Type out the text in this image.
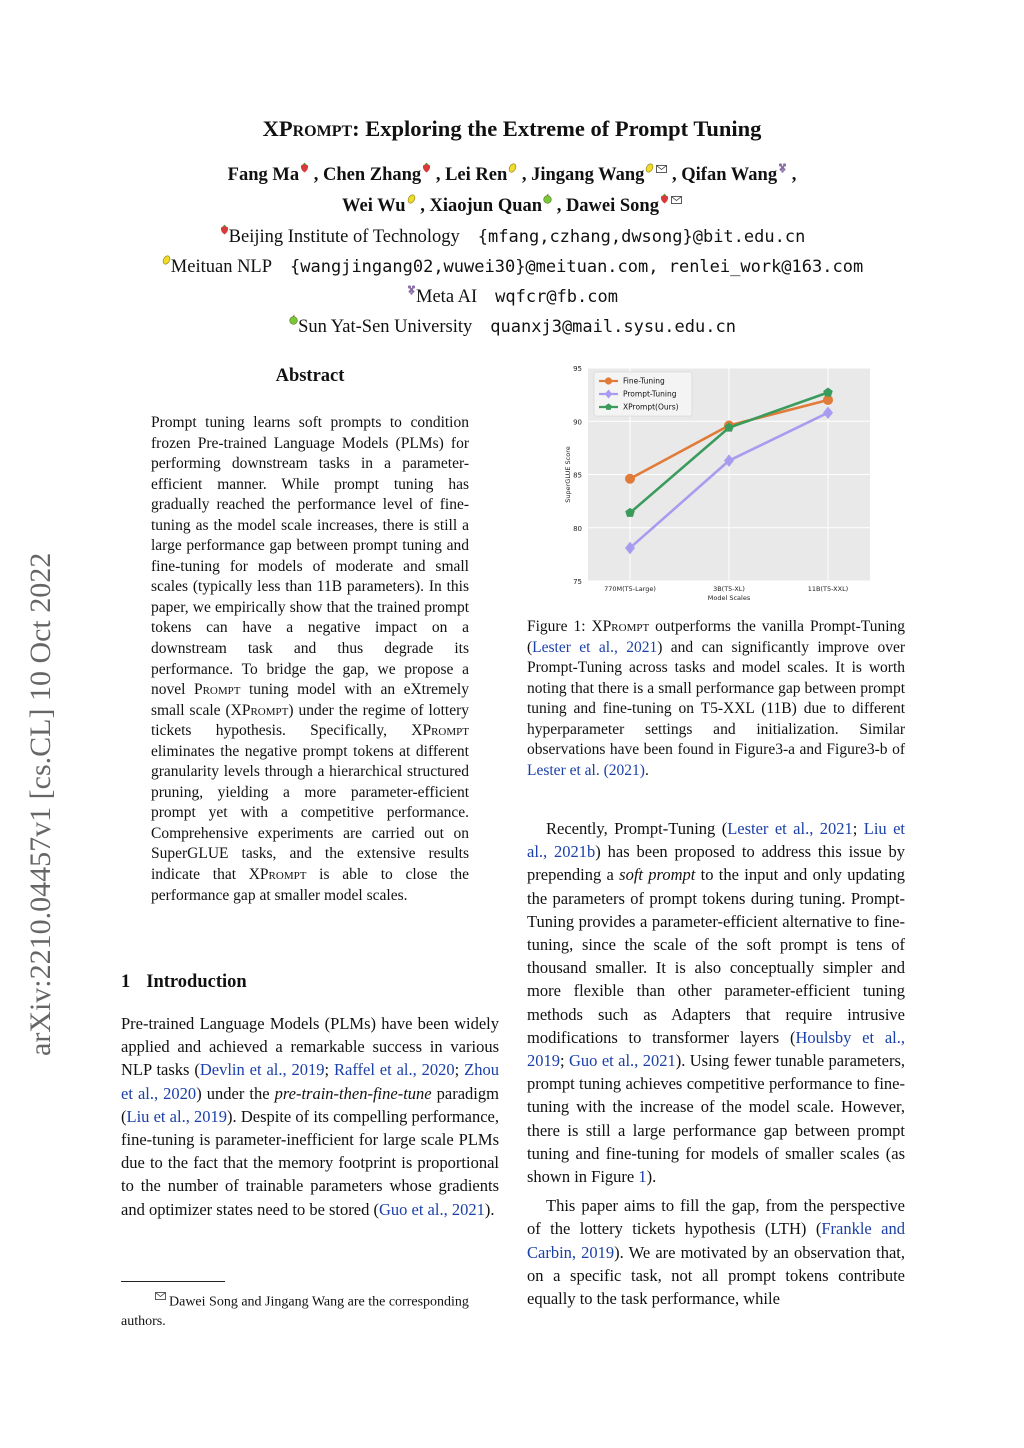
arXiv:2210.04457v1 [cs.CL] 10 Oct 2022
XPrompt: Exploring the Extreme of Prompt Tuning
Fang Ma , Chen Zhang , Lei Ren , Jingang Wang , Qifan Wang ,
Wei Wu , Xiaojun Quan , Dawei Song
Beijing Institute of Technology {mfang,czhang,dwsong}@bit.edu.cn
Meituan NLP {wangjingang02,wuwei30}@meituan.com, renlei_work@163.com
Meta AI wqfcr@fb.com
Sun Yat-Sen University quanxj3@mail.sysu.edu.cn
Abstract
Prompt tuning learns soft prompts to condition frozen Pre-trained Language Models (PLMs) for performing downstream tasks in a parameter-efficient manner. While prompt tuning has gradually reached the performance level of fine-tuning as the model scale increases, there is still a large performance gap between prompt tuning and fine-tuning for models of moderate and small scales (typically less than 11B parameters). In this paper, we empirically show that the trained prompt tokens can have a negative impact on a downstream task and thus degrade its performance. To bridge the gap, we propose a novel Prompt tuning model with an eXtremely small scale (XPrompt) under the regime of lottery tickets hypothesis. Specifically, XPrompt eliminates the negative prompt tokens at different granularity levels through a hierarchical structured pruning, yielding a more parameter-efficient prompt yet with a competitive performance. Comprehensive experiments are carried out on SuperGLUE tasks, and the extensive results indicate that XPrompt is able to close the performance gap at smaller model scales.
1 Introduction

Pre-trained Language Models (PLMs) have been widely applied and achieved a remarkable success in various NLP tasks (Devlin et al., 2019; Raffel et al., 2020; Zhou et al., 2020) under the pre-train-then-fine-tune paradigm (Liu et al., 2019). Despite of its compelling performance, fine-tuning is parameter-inefficient for large scale PLMs due to the fact that the memory footprint is proportional to the number of trainable parameters whose gradients and optimizer states need to be stored (Guo et al., 2021).

Dawei Song and Jingang Wang are the corresponding authors.
75
80
85
90
95
770M(T5-Large)	3B(T5-XL)	11B(T5-XXL)
Model Scales
SuperGLUE Score
Fine-Tuning
Prompt-Tuning
XPrompt(Ours)
Figure 1: XPrompt outperforms the vanilla Prompt-Tuning (Lester et al., 2021) and can significantly improve over Prompt-Tuning across tasks and model scales. It is worth noting that there is a small performance gap between prompt tuning and fine-tuning on T5-XXL (11B) due to different hyperparameter settings and initialization. Similar observations have been found in Figure3-a and Figure3-b of Lester et al. (2021).

Recently, Prompt-Tuning (Lester et al., 2021; Liu et al., 2021b) has been proposed to address this issue by prepending a soft prompt to the input and only updating the parameters of prompt tokens during tuning. Prompt-Tuning provides a parameter-efficient alternative to fine-tuning, since the scale of the soft prompt is tens of thousand smaller. It is also conceptually simpler and more flexible than other parameter-efficient tuning methods such as Adapters that require intrusive modifications to transformer layers (Houlsby et al., 2019; Guo et al., 2021). Using fewer tunable parameters, prompt tuning achieves competitive performance to fine-tuning with the increase of the model scale. However, there is still a large performance gap between prompt tuning and fine-tuning for models of smaller scales (as shown in Figure 1).

This paper aims to fill the gap, from the perspective of the lottery tickets hypothesis (LTH) (Frankle and Carbin, 2019). We are motivated by an observation that, on a specific task, not all prompt tokens contribute equally to the task performance, while
